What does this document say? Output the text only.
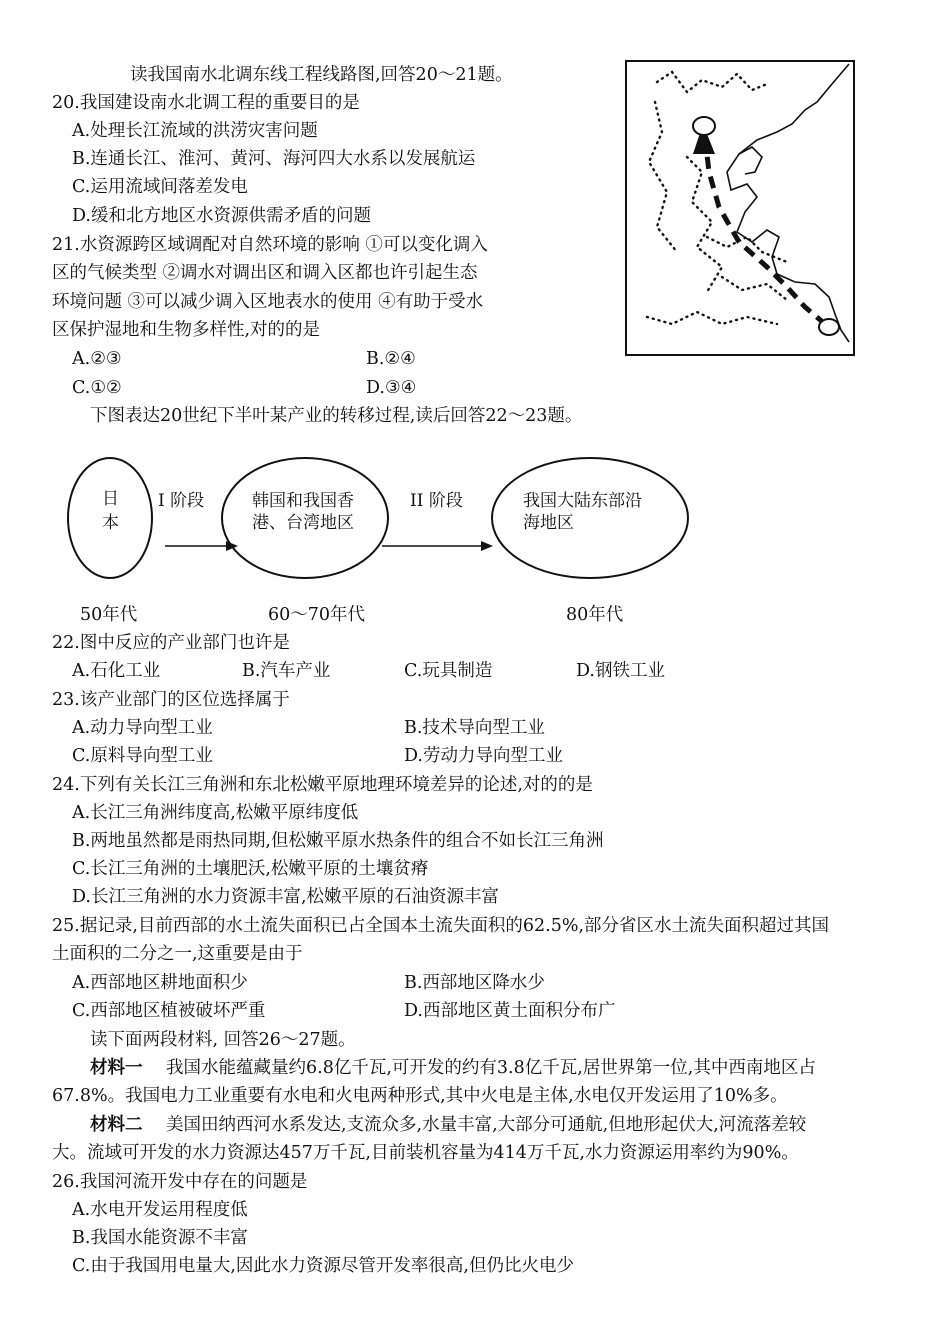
读我国南水北调东线工程线路图,回答20～21题。
20.我国建设南水北调工程的重要目的是
A.处理长江流域的洪涝灾害问题
B.连通长江、淮河、黄河、海河四大水系以发展航运
C.运用流域间落差发电
D.缓和北方地区水资源供需矛盾的问题
21.水资源跨区域调配对自然环境的影响 ①可以变化调入
区的气候类型 ②调水对调出区和调入区都也许引起生态
环境问题 ③可以减少调入区地表水的使用 ④有助于受水
区保护湿地和生物多样性,对的的是
A.②③	B.②④
C.①②	D.③④
下图表达20世纪下半叶某产业的转移过程,读后回答22～23题。
日
本
I 阶段	韩国和我国香
港、台湾地区
II 阶段	我国大陆东部沿
海地区
50年代	60～70年代	80年代
22.图中反应的产业部门也许是
A.石化工业	B.汽车产业	C.玩具制造	D.钢铁工业
23.该产业部门的区位选择属于
A.动力导向型工业	B.技术导向型工业
C.原料导向型工业	D.劳动力导向型工业
24.下列有关长江三角洲和东北松嫩平原地理环境差异的论述,对的的是
A.长江三角洲纬度高,松嫩平原纬度低
B.两地虽然都是雨热同期,但松嫩平原水热条件的组合不如长江三角洲
C.长江三角洲的土壤肥沃,松嫩平原的土壤贫瘠
D.长江三角洲的水力资源丰富,松嫩平原的石油资源丰富
25.据记录,目前西部的水土流失面积已占全国本土流失面积的62.5%,部分省区水土流失面积超过其国
土面积的二分之一,这重要是由于
A.西部地区耕地面积少	B.西部地区降水少
C.西部地区植被破坏严重	D.西部地区黄土面积分布广
读下面两段材料, 回答26～27题。
材料一 我国水能蕴藏量约6.8亿千瓦,可开发的约有3.8亿千瓦,居世界第一位,其中西南地区占
67.8%。我国电力工业重要有水电和火电两种形式,其中火电是主体,水电仅开发运用了10%多。
材料二 美国田纳西河水系发达,支流众多,水量丰富,大部分可通航,但地形起伏大,河流落差较
大。流域可开发的水力资源达457万千瓦,目前装机容量为414万千瓦,水力资源运用率约为90%。
26.我国河流开发中存在的问题是
A.水电开发运用程度低
B.我国水能资源不丰富
C.由于我国用电量大,因此水力资源尽管开发率很高,但仍比火电少
